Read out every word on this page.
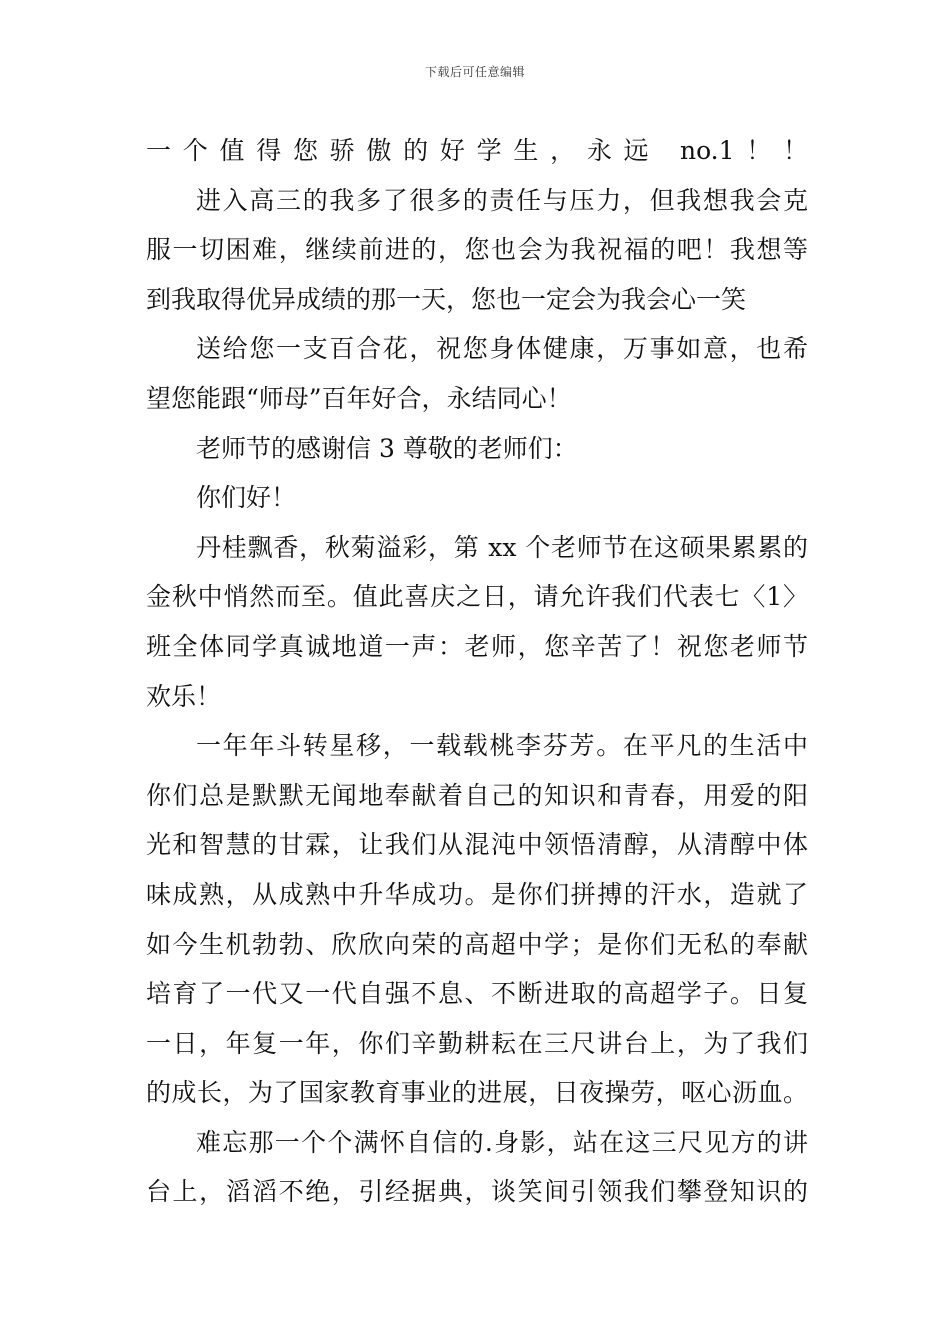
下载后可任意编辑
一个值得您骄傲的好学生，永远 no.1！！
进入高三的我多了很多的责任与压力，但我想我会克
服一切困难，继续前进的，您也会为我祝福的吧！我想等
到我取得优异成绩的那一天，您也一定会为我会心一笑
送给您一支百合花，祝您身体健康，万事如意，也希
望您能跟“师母”百年好合，永结同心！
老师节的感谢信 3 尊敬的老师们：
你们好！
丹桂飘香，秋菊溢彩，第 xx 个老师节在这硕果累累的
金秋中悄然而至。值此喜庆之日，请允许我们代表七〈1〉
班全体同学真诚地道一声：老师，您辛苦了！祝您老师节
欢乐！
一年年斗转星移，一载载桃李芬芳。在平凡的生活中
你们总是默默无闻地奉献着自己的知识和青春，用爱的阳
光和智慧的甘霖，让我们从混沌中领悟清醇，从清醇中体
味成熟，从成熟中升华成功。是你们拼搏的汗水，造就了
如今生机勃勃、欣欣向荣的高超中学；是你们无私的奉献
培育了一代又一代自强不息、不断进取的高超学子。日复
一日，年复一年，你们辛勤耕耘在三尺讲台上，为了我们
的成长，为了国家教育事业的进展，日夜操劳，呕心沥血。
难忘那一个个满怀自信的.身影，站在这三尺见方的讲
台上，滔滔不绝，引经据典，谈笑间引领我们攀登知识的
